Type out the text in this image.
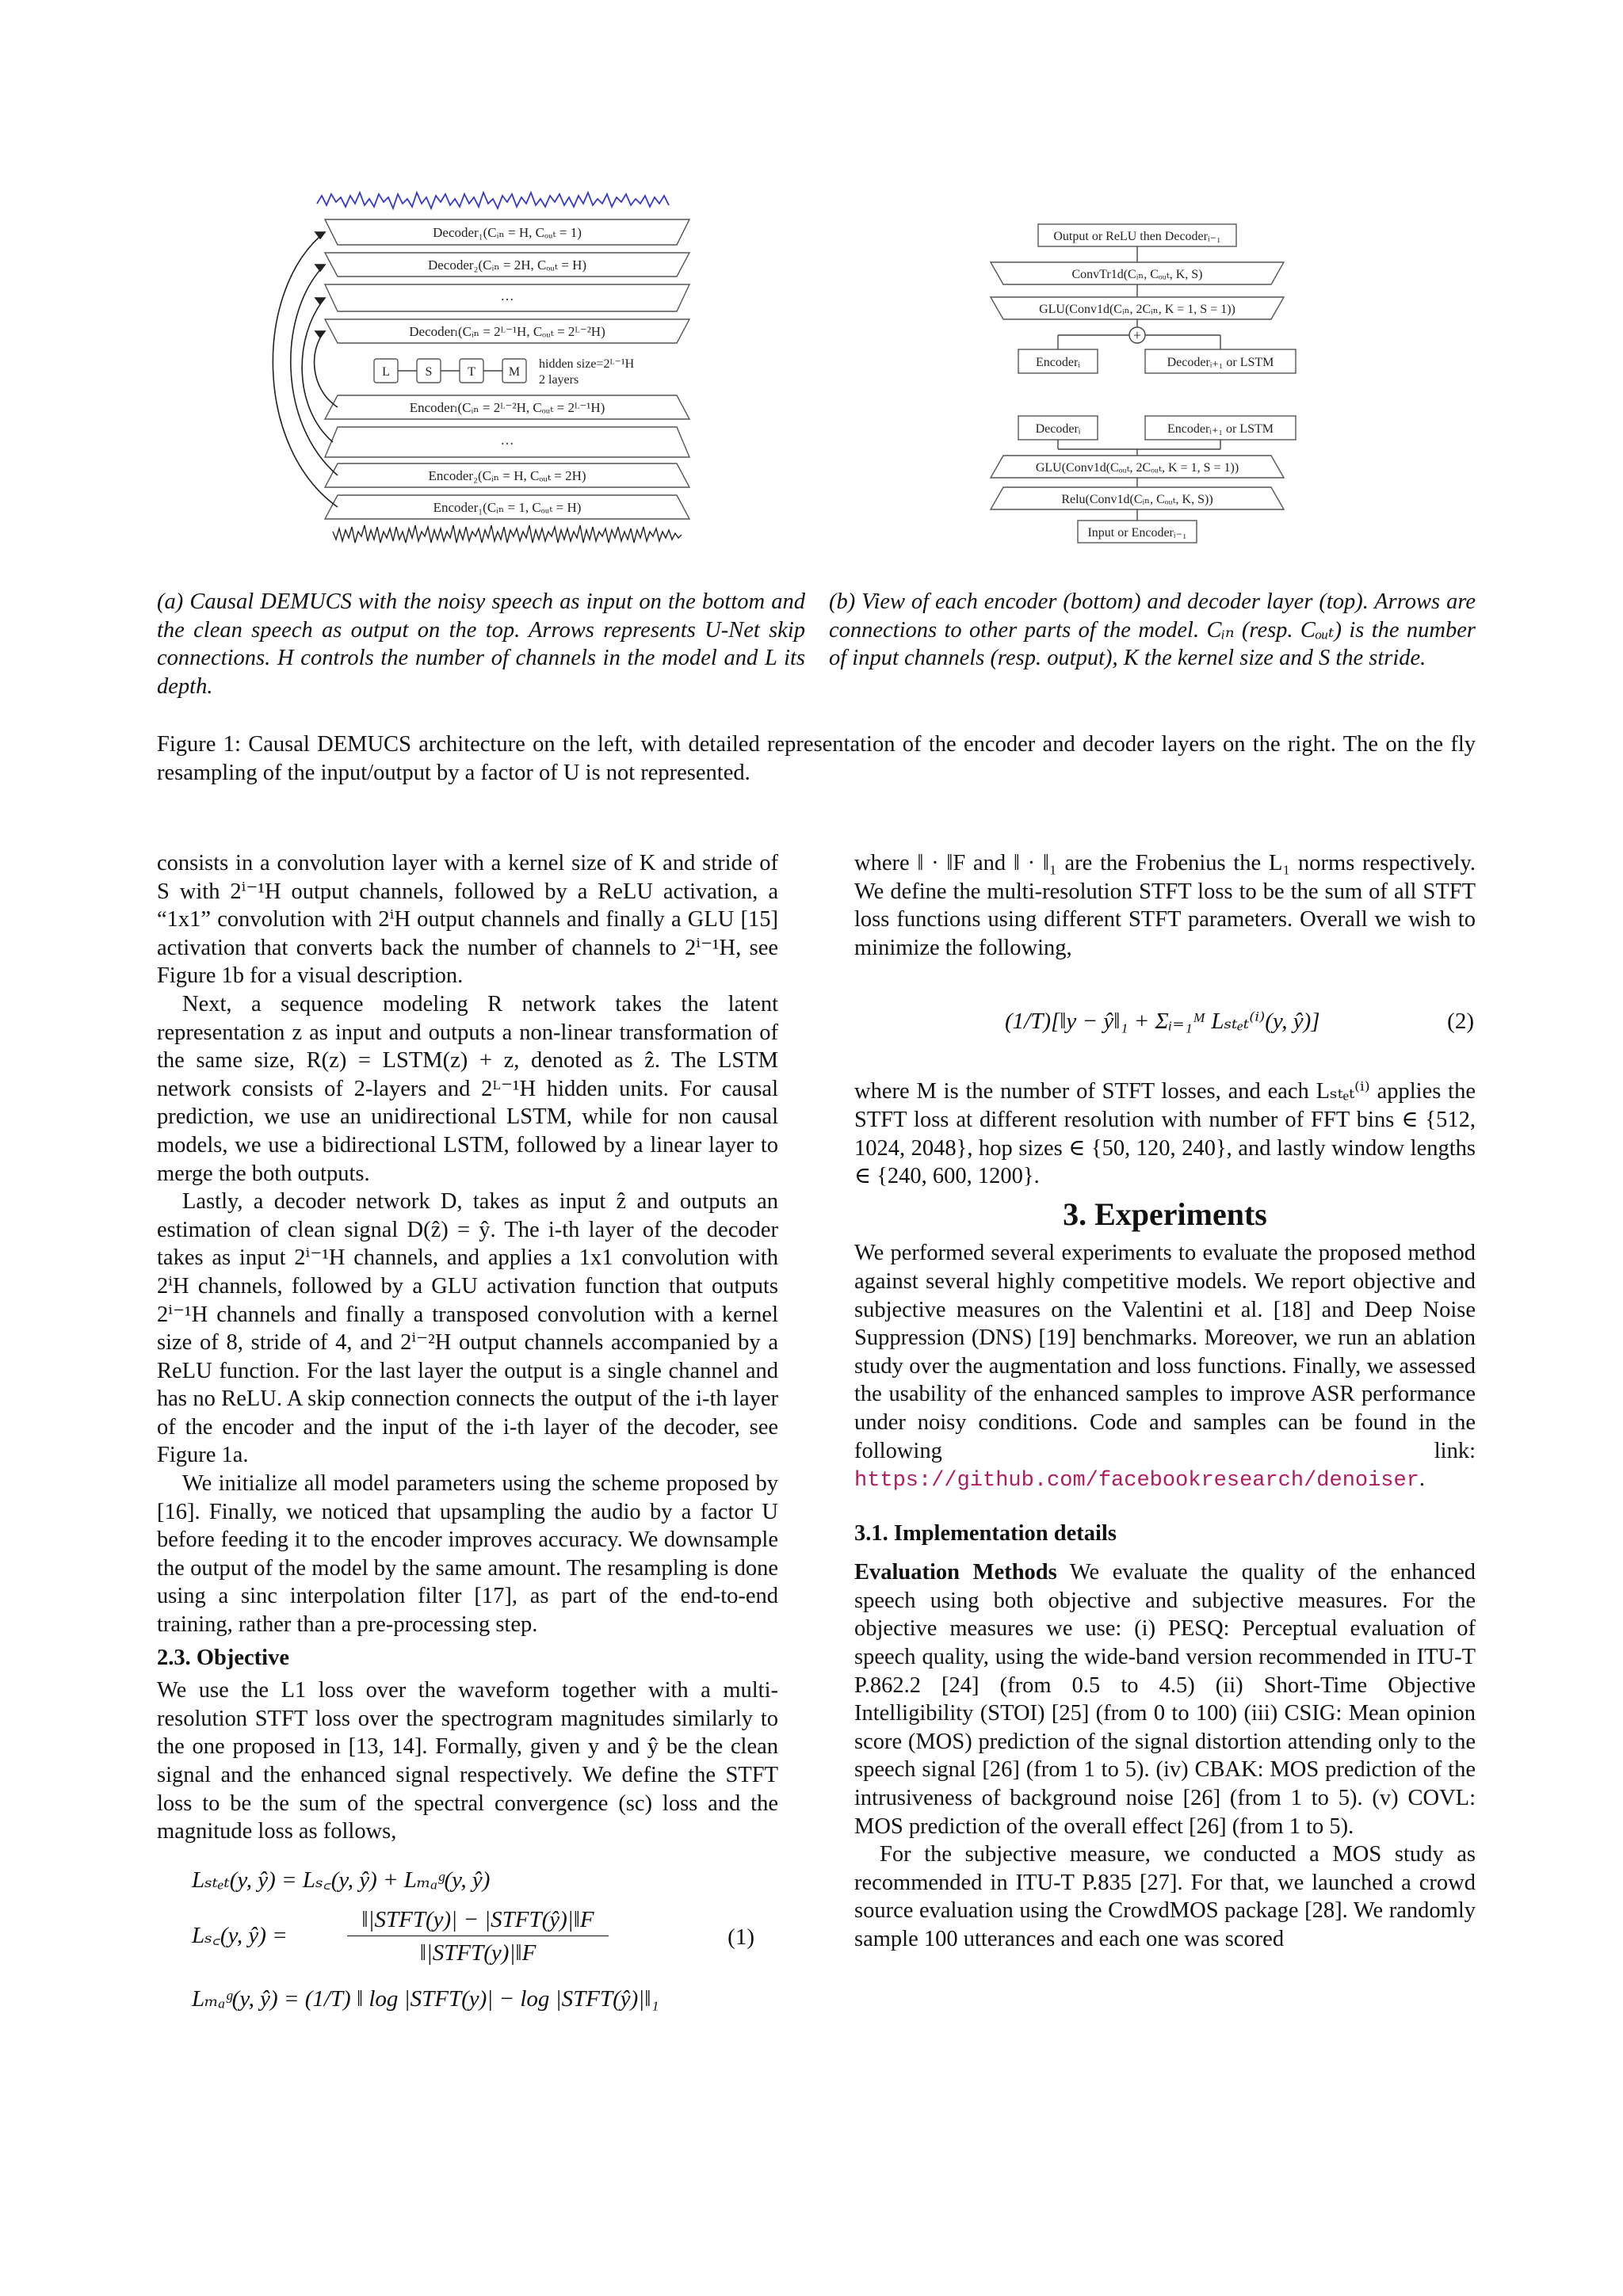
Decoder₁(Cᵢₙ = H, Cₒᵤₜ = 1)
Decoder₂(Cᵢₙ = 2H, Cₒᵤₜ = H)
…
Decoderₗ(Cᵢₙ = 2ᴸ⁻¹H, Cₒᵤₜ = 2ᴸ⁻²H)
L	S	T	M
hidden size=2ᴸ⁻¹H
2 layers
Encoderₗ(Cᵢₙ = 2ᴸ⁻²H, Cₒᵤₜ = 2ᴸ⁻¹H)
…
Encoder₂(Cᵢₙ = H, Cₒᵤₜ = 2H)
Encoder₁(Cᵢₙ = 1, Cₒᵤₜ = H)
Output or ReLU then Decoderᵢ₋₁
ConvTr1d(Cᵢₙ, Cₒᵤₜ, K, S)
GLU(Conv1d(Cᵢₙ, 2Cᵢₙ, K = 1, S = 1))
+
Encoderᵢ	Decoderᵢ₊₁ or LSTM
Decoderᵢ	Encoderᵢ₊₁ or LSTM
GLU(Conv1d(Cₒᵤₜ, 2Cₒᵤₜ, K = 1, S = 1))
Relu(Conv1d(Cᵢₙ, Cₒᵤₜ, K, S))
Input or Encoderᵢ₋₁
(a) Causal DEMUCS with the noisy speech as input on the bottom and the clean speech as output on the top. Arrows represents U-Net skip connections. H controls the number of channels in the model and L its depth.
(b) View of each encoder (bottom) and decoder layer (top). Arrows are connections to other parts of the model. Cᵢₙ (resp. Cₒᵤₜ) is the number of input channels (resp. output), K the kernel size and S the stride.
Figure 1: Causal DEMUCS architecture on the left, with detailed representation of the encoder and decoder layers on the right. The on the fly resampling of the input/output by a factor of U is not represented.

consists in a convolution layer with a kernel size of K and stride of S with 2ⁱ⁻¹H output channels, followed by a ReLU activation, a “1x1” convolution with 2ⁱH output channels and finally a GLU [15] activation that converts back the number of channels to 2ⁱ⁻¹H, see Figure 1b for a visual description.

Next, a sequence modeling R network takes the latent representation z as input and outputs a non-linear transformation of the same size, R(z) = LSTM(z) + z, denoted as ẑ. The LSTM network consists of 2-layers and 2ᴸ⁻¹H hidden units. For causal prediction, we use an unidirectional LSTM, while for non causal models, we use a bidirectional LSTM, followed by a linear layer to merge the both outputs.

Lastly, a decoder network D, takes as input ẑ and outputs an estimation of clean signal D(ẑ) = ŷ. The i-th layer of the decoder takes as input 2ⁱ⁻¹H channels, and applies a 1x1 convolution with 2ⁱH channels, followed by a GLU activation function that outputs 2ⁱ⁻¹H channels and finally a transposed convolution with a kernel size of 8, stride of 4, and 2ⁱ⁻²H output channels accompanied by a ReLU function. For the last layer the output is a single channel and has no ReLU. A skip connection connects the output of the i-th layer of the encoder and the input of the i-th layer of the decoder, see Figure 1a.

We initialize all model parameters using the scheme proposed by [16]. Finally, we noticed that upsampling the audio by a factor U before feeding it to the encoder improves accuracy. We downsample the output of the model by the same amount. The resampling is done using a sinc interpolation filter [17], as part of the end-to-end training, rather than a pre-processing step.

2.3. Objective

We use the L1 loss over the waveform together with a multi-resolution STFT loss over the spectrogram magnitudes similarly to the one proposed in [13, 14]. Formally, given y and ŷ be the clean signal and the enhanced signal respectively. We define the STFT loss to be the sum of the spectral convergence (sc) loss and the magnitude loss as follows,

Lₛₜₑₜ(y, ŷ) = Lₛ꜀(y, ŷ) + Lₘₐᵍ(y, ŷ)
Lₛ꜀(y, ŷ) =
‖|STFT(y)| − |STFT(ŷ)|‖F
‖|STFT(y)|‖F
(1)
Lₘₐᵍ(y, ŷ) = (1/T) ‖ log |STFT(y)| − log |STFT(ŷ)|‖₁

where ‖ · ‖F and ‖ · ‖₁ are the Frobenius the L₁ norms respectively. We define the multi-resolution STFT loss to be the sum of all STFT loss functions using different STFT parameters. Overall we wish to minimize the following,

(1/T)[‖y − ŷ‖₁ + Σᵢ₌₁ᴹ Lₛₜₑₜ⁽ⁱ⁾(y, ŷ)]	(2)

where M is the number of STFT losses, and each Lₛₜₑₜ⁽ⁱ⁾ applies the STFT loss at different resolution with number of FFT bins ∈ {512, 1024, 2048}, hop sizes ∈ {50, 120, 240}, and lastly window lengths ∈ {240, 600, 1200}.

3. Experiments

We performed several experiments to evaluate the proposed method against several highly competitive models. We report objective and subjective measures on the Valentini et al. [18] and Deep Noise Suppression (DNS) [19] benchmarks. Moreover, we run an ablation study over the augmentation and loss functions. Finally, we assessed the usability of the enhanced samples to improve ASR performance under noisy conditions. Code and samples can be found in the following link: https://github.com/facebookresearch/denoiser.

3.1. Implementation details

Evaluation Methods We evaluate the quality of the enhanced speech using both objective and subjective measures. For the objective measures we use: (i) PESQ: Perceptual evaluation of speech quality, using the wide-band version recommended in ITU-T P.862.2 [24] (from 0.5 to 4.5) (ii) Short-Time Objective Intelligibility (STOI) [25] (from 0 to 100) (iii) CSIG: Mean opinion score (MOS) prediction of the signal distortion attending only to the speech signal [26] (from 1 to 5). (iv) CBAK: MOS prediction of the intrusiveness of background noise [26] (from 1 to 5). (v) COVL: MOS prediction of the overall effect [26] (from 1 to 5).

For the subjective measure, we conducted a MOS study as recommended in ITU-T P.835 [27]. For that, we launched a crowd source evaluation using the CrowdMOS package [28]. We randomly sample 100 utterances and each one was scored
